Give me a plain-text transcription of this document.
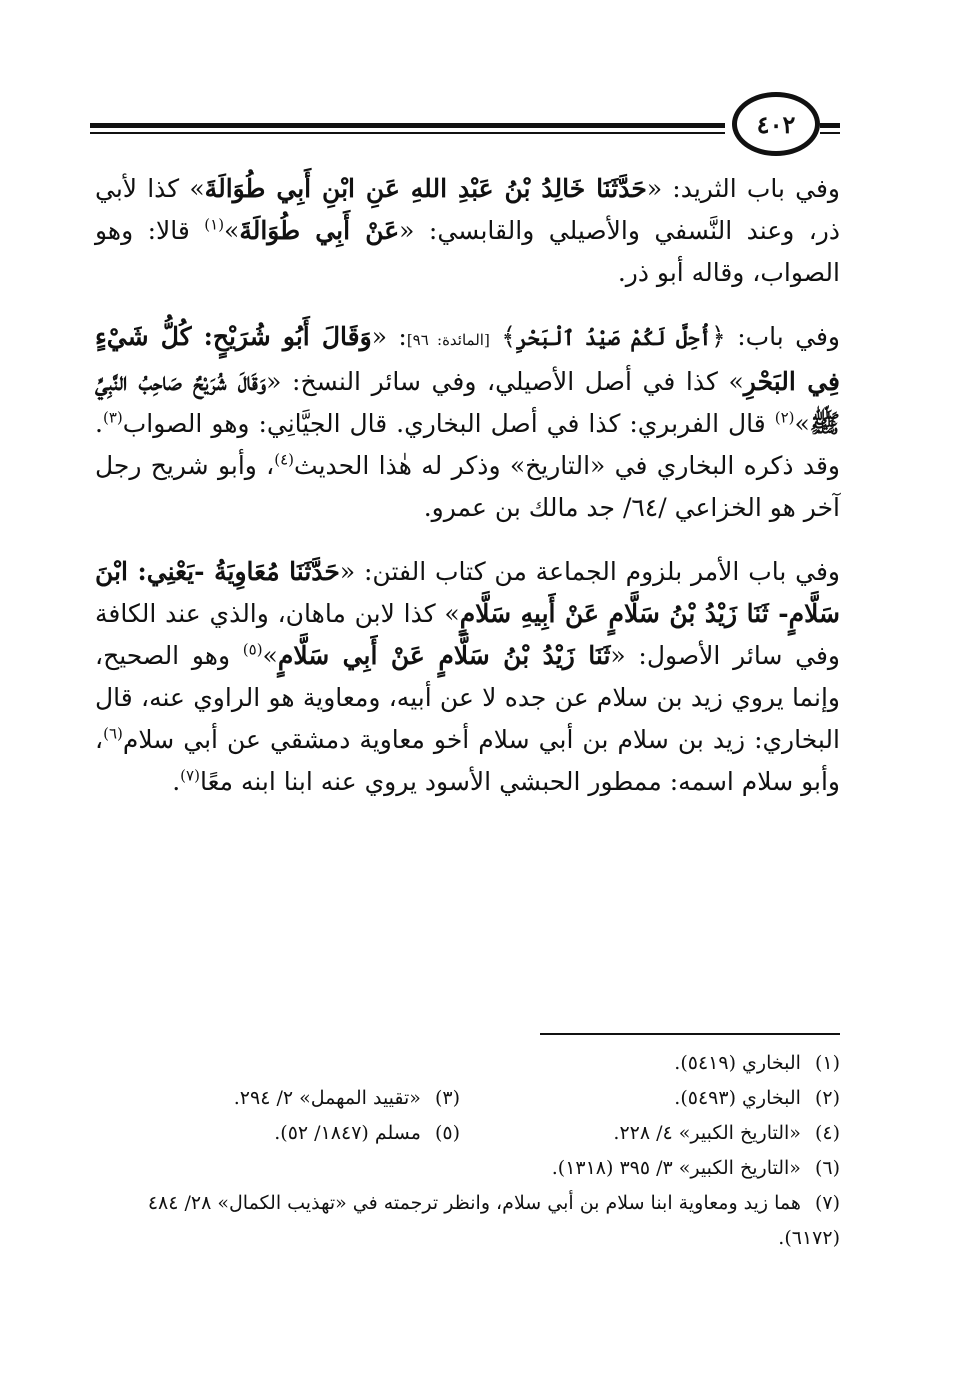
٤٠٢

وفي باب الثريد: «حَدَّثَنَا خَالِدُ بْنُ عَبْدِ اللهِ عَنِ ابْنِ أَبِي طُوَالَةَ» كذا لأبي ذر، وعند النَّسفي والأصيلي والقابسي: «عَنْ أَبِي طُوَالَةَ»$^{(١)}$ قالا: وهو الصواب، وقاله أبو ذر.

وفي باب: ﴿أُحِلَّ لَكُمْ صَيْدُ ٱلْبَحْرِ﴾ [المائدة: ٩٦]: «وَقَالَ أَبُو شُرَيْحٍ: كُلُّ شَيْءٍ فِي البَحْرِ» كذا في أصل الأصيلي، وفي سائر النسخ: «وَقَالَ شُرَيْحٌ صَاحِبُ النَّبِيِّ ﷺ»$^{(٢)}$ قال الفربري: كذا في أصل البخاري. قال الجيَّانِي: وهو الصواب$^{(٣)}$. وقد ذكره البخاري في «التاريخ» وذكر له هٰذا الحديث$^{(٤)}$، وأبو شريح رجل آخر هو الخزاعي /٦٤/ جد مالك بن عمرو.

وفي باب الأمر بلزوم الجماعة من كتاب الفتن: «حَدَّثَنَا مُعَاوِيَةُ -يَعْنِي: ابْنَ سَلَّامٍ- ثَنَا زَيْدُ بْنُ سَلَّامٍ عَنْ أَبِيهِ سَلَّامٍ» كذا لابن ماهان، والذي عند الكافة وفي سائر الأصول: «ثَنَا زَيْدُ بْنُ سَلَّامٍ عَنْ أَبِي سَلَّامٍ»$^{(٥)}$ وهو الصحيح، وإنما يروي زيد بن سلام عن جده لا عن أبيه، ومعاوية هو الراوي عنه، قال البخاري: زيد بن سلام بن أبي سلام أخو معاوية دمشقي عن أبي سلام$^{(٦)}$، وأبو سلام اسمه: ممطور الحبشي الأسود يروي عنه ابنا ابنه معًا$^{(٧)}$.

(١)البخاري (٥٤١٩).
(٢)البخاري (٥٤٩٣).
(٣)«تقييد المهمل» ٢/ ٢٩٤.
(٤)«التاريخ الكبير» ٤/ ٢٢٨.
(٥)مسلم (١٨٤٧/ ٥٢).
(٦)«التاريخ الكبير» ٣/ ٣٩٥ (١٣١٨).
(٧)هما زيد ومعاوية ابنا سلام بن أبي سلام، وانظر ترجمته في «تهذيب الكمال» ٢٨/ ٤٨٤ (٦١٧٢).
